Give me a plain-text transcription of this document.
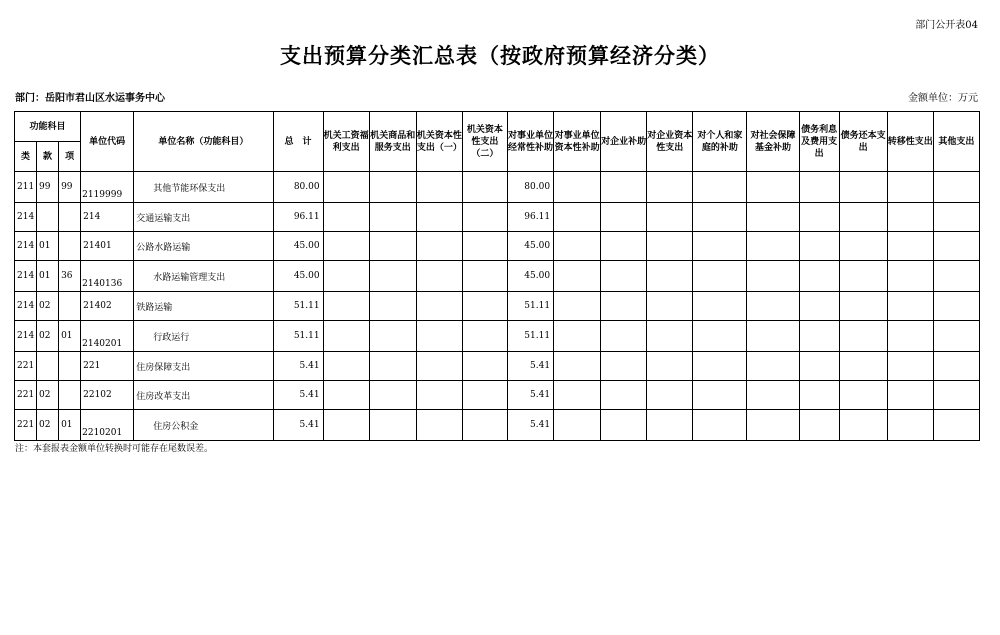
部门公开表04
支出预算分类汇总表（按政府预算经济分类）
部门：岳阳市君山区水运事务中心	金额单位：万元
功能科目			单位代码	单位名称（功能科目）	总　计	机关工资福利支出	机关商品和服务支出	机关资本性支出（一）	机关资本性支出（二）	对事业单位经常性补助	对事业单位资本性补助	对企业补助	对企业资本性支出	对个人和家庭的补助	对社会保障基金补助	债务利息及费用支出	债务还本支出	转移性支出	其他支出
类	款	项																	
211	99	99	2119999	其他节能环保支出	80.00					80.00									
214			214	交通运输支出	96.11					96.11									
214	01		21401	公路水路运输	45.00					45.00									
214	01	36	2140136	水路运输管理支出	45.00					45.00									
214	02		21402	铁路运输	51.11					51.11									
214	02	01	2140201	行政运行	51.11					51.11									
221			221	住房保障支出	5.41					5.41									
221	02		22102	住房改革支出	5.41					5.41									
221	02	01	2210201	住房公积金	5.41					5.41									
注：本套报表金额单位转换时可能存在尾数误差。
